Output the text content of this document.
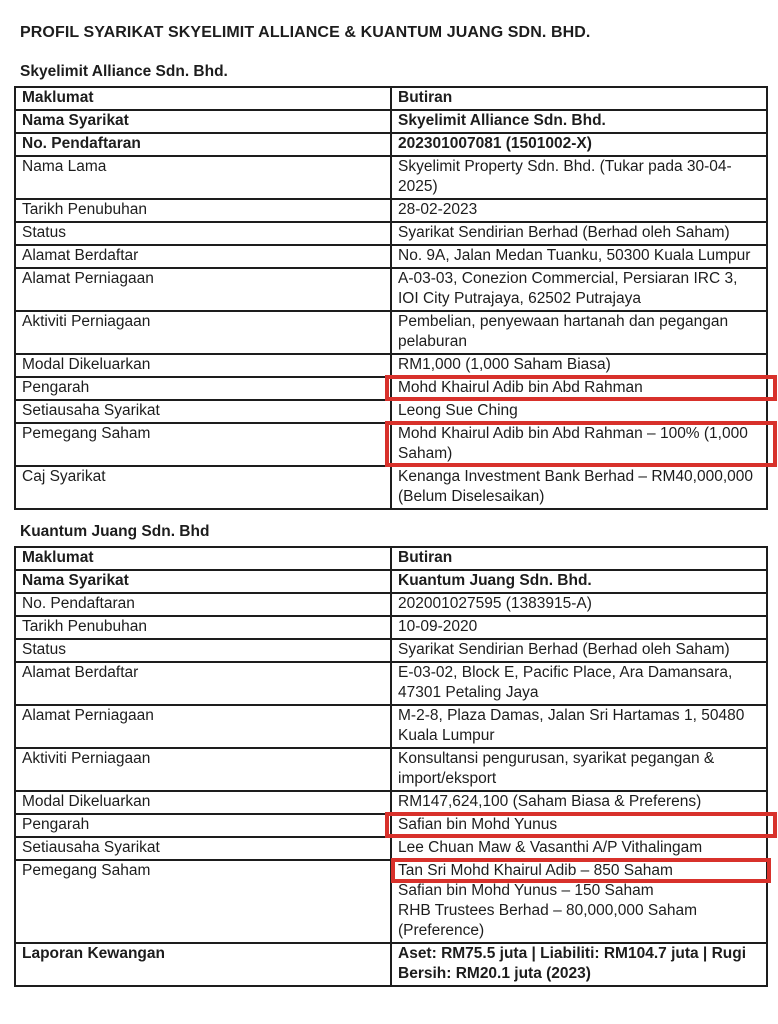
PROFIL SYARIKAT SKYELIMIT ALLIANCE & KUANTUM JUANG SDN. BHD.
Skyelimit Alliance Sdn. Bhd.
Maklumat	Butiran
Nama Syarikat	Skyelimit Alliance Sdn. Bhd.
No. Pendaftaran	202301007081 (1501002-X)
Nama Lama	Skyelimit Property Sdn. Bhd. (Tukar pada 30-04-2025)
Tarikh Penubuhan	28-02-2023
Status	Syarikat Sendirian Berhad (Berhad oleh Saham)
Alamat Berdaftar	No. 9A, Jalan Medan Tuanku, 50300 Kuala Lumpur
Alamat Perniagaan	A-03-03, Conezion Commercial, Persiaran IRC 3, IOI City Putrajaya, 62502 Putrajaya
Aktiviti Perniagaan	Pembelian, penyewaan hartanah dan pegangan pelaburan
Modal Dikeluarkan	RM1,000 (1,000 Saham Biasa)
Pengarah	Mohd Khairul Adib bin Abd Rahman

Setiausaha Syarikat	Leong Sue Ching
Pemegang Saham	Mohd Khairul Adib bin Abd Rahman – 100% (1,000 Saham)

Caj Syarikat	Kenanga Investment Bank Berhad – RM40,000,000 (Belum Diselesaikan)
Kuantum Juang Sdn. Bhd
Maklumat	Butiran
Nama Syarikat	Kuantum Juang Sdn. Bhd.
No. Pendaftaran	202001027595 (1383915-A)
Tarikh Penubuhan	10-09-2020
Status	Syarikat Sendirian Berhad (Berhad oleh Saham)
Alamat Berdaftar	E-03-02, Block E, Pacific Place, Ara Damansara, 47301 Petaling Jaya
Alamat Perniagaan	M-2-8, Plaza Damas, Jalan Sri Hartamas 1, 50480 Kuala Lumpur
Aktiviti Perniagaan	Konsultansi pengurusan, syarikat pegangan & import/eksport
Modal Dikeluarkan	RM147,624,100 (Saham Biasa & Preferens)
Pengarah	Safian bin Mohd Yunus

Setiausaha Syarikat	Lee Chuan Maw & Vasanthi A/P Vithalingam
Pemegang Saham	Tan Sri Mohd Khairul Adib – 850 Saham
Safian bin Mohd Yunus – 150 Saham
RHB Trustees Berhad – 80,000,000 Saham (Preference)

Laporan Kewangan	Aset: RM75.5 juta | Liabiliti: RM104.7 juta | Rugi Bersih: RM20.1 juta (2023)
